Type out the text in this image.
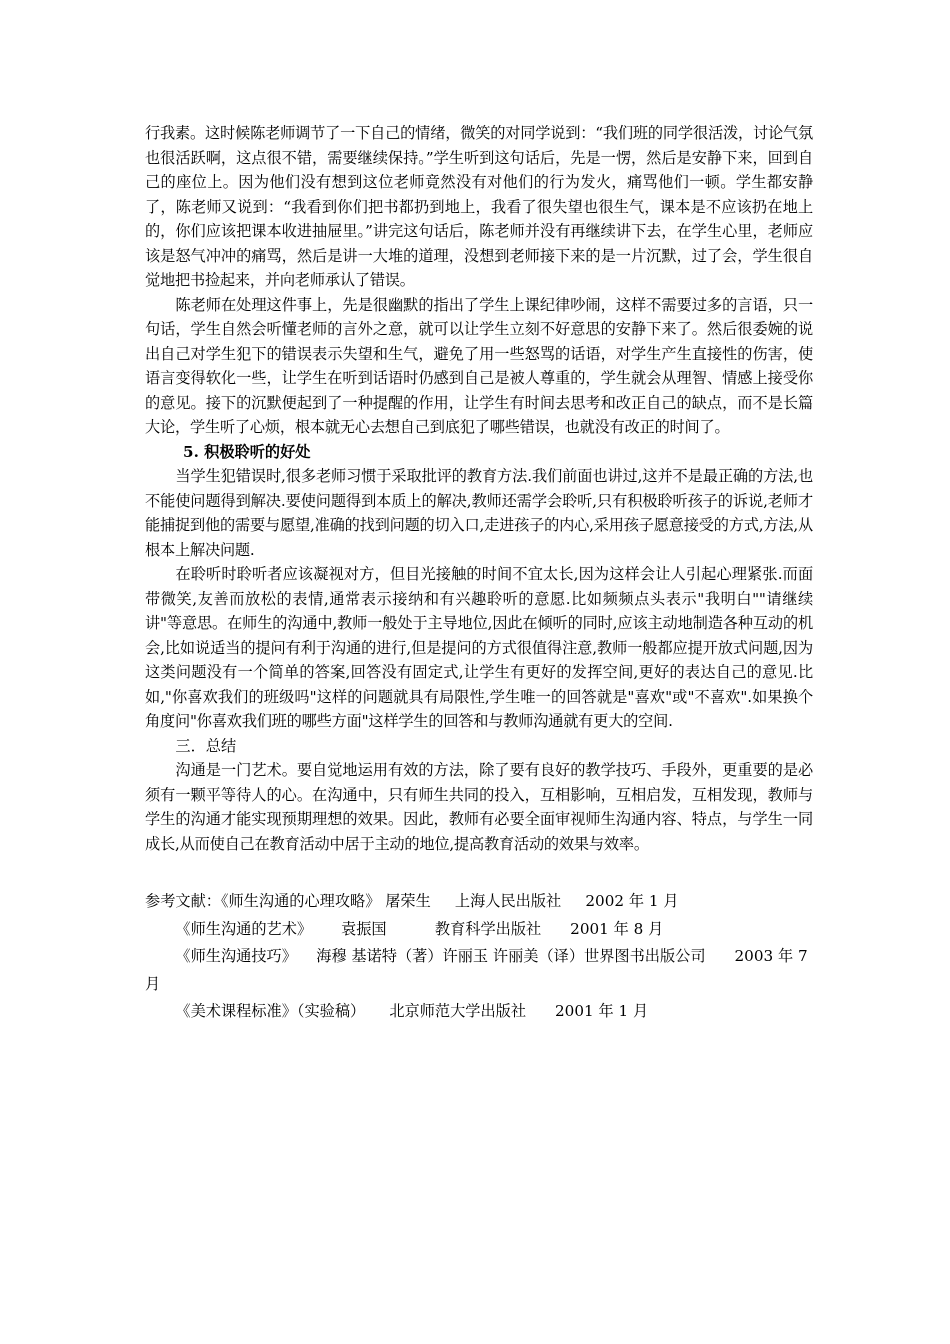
行我素。这时候陈老师调节了一下自己的情绪，微笑的对同学说到：“我们班的同学很活泼，讨论气氛也很活跃啊，这点很不错，需要继续保持。”学生听到这句话后，先是一愣，然后是安静下来，回到自己的座位上。因为他们没有想到这位老师竟然没有对他们的行为发火，痛骂他们一顿。学生都安静了，陈老师又说到：“我看到你们把书都扔到地上，我看了很失望也很生气，课本是不应该扔在地上的，你们应该把课本收进抽屉里。”讲完这句话后，陈老师并没有再继续讲下去，在学生心里，老师应该是怒气冲冲的痛骂，然后是讲一大堆的道理，没想到老师接下来的是一片沉默，过了会，学生很自觉地把书捡起来，并向老师承认了错误。

陈老师在处理这件事上，先是很幽默的指出了学生上课纪律吵闹，这样不需要过多的言语，只一句话，学生自然会听懂老师的言外之意，就可以让学生立刻不好意思的安静下来了。然后很委婉的说出自己对学生犯下的错误表示失望和生气，避免了用一些怒骂的话语，对学生产生直接性的伤害，使语言变得软化一些，让学生在听到话语时仍感到自己是被人尊重的，学生就会从理智、情感上接受你的意见。接下的沉默便起到了一种提醒的作用，让学生有时间去思考和改正自己的缺点，而不是长篇大论，学生听了心烦，根本就无心去想自己到底犯了哪些错误，也就没有改正的时间了。

5. 积极聆听的好处

当学生犯错误时,很多老师习惯于采取批评的教育方法.我们前面也讲过,这并不是最正确的方法,也不能使问题得到解决.要使问题得到本质上的解决,教师还需学会聆听,只有积极聆听孩子的诉说,老师才能捕捉到他的需要与愿望,准确的找到问题的切入口,走进孩子的内心,采用孩子愿意接受的方式,方法,从根本上解决问题.

在聆听时聆听者应该凝视对方，但目光接触的时间不宜太长,因为这样会让人引起心理紧张.而面带微笑,友善而放松的表情,通常表示接纳和有兴趣聆听的意愿.比如频频点头表示"我明白""请继续讲"等意思。在师生的沟通中,教师一般处于主导地位,因此在倾听的同时,应该主动地制造各种互动的机会,比如说适当的提问有利于沟通的进行,但是提问的方式很值得注意,教师一般都应提开放式问题,因为这类问题没有一个简单的答案,回答没有固定式,让学生有更好的发挥空间,更好的表达自己的意见.比如,"你喜欢我们的班级吗"这样的问题就具有局限性,学生唯一的回答就是"喜欢"或"不喜欢".如果换个角度问"你喜欢我们班的哪些方面"这样学生的回答和与教师沟通就有更大的空间.

三．总结

沟通是一门艺术。要自觉地运用有效的方法，除了要有良好的教学技巧、手段外，更重要的是必须有一颗平等待人的心。在沟通中，只有师生共同的投入，互相影响，互相启发，互相发现，教师与学生的沟通才能实现预期理想的效果。因此，教师有必要全面审视师生沟通内容、特点，与学生一同成长,从而使自己在教育活动中居于主动的地位,提高教育活动的效果与效率。

参考文献：《师生沟通的心理攻略》 屠荣生     上海人民出版社     2002 年 1 月

《师生沟通的艺术》      袁振国          教育科学出版社      2001 年 8 月

《师生沟通技巧》    海穆 基诺特（著）许丽玉 许丽美（译）世界图书出版公司      2003 年 7 月

《美术课程标准》（实验稿）     北京师范大学出版社      2001 年 1 月
